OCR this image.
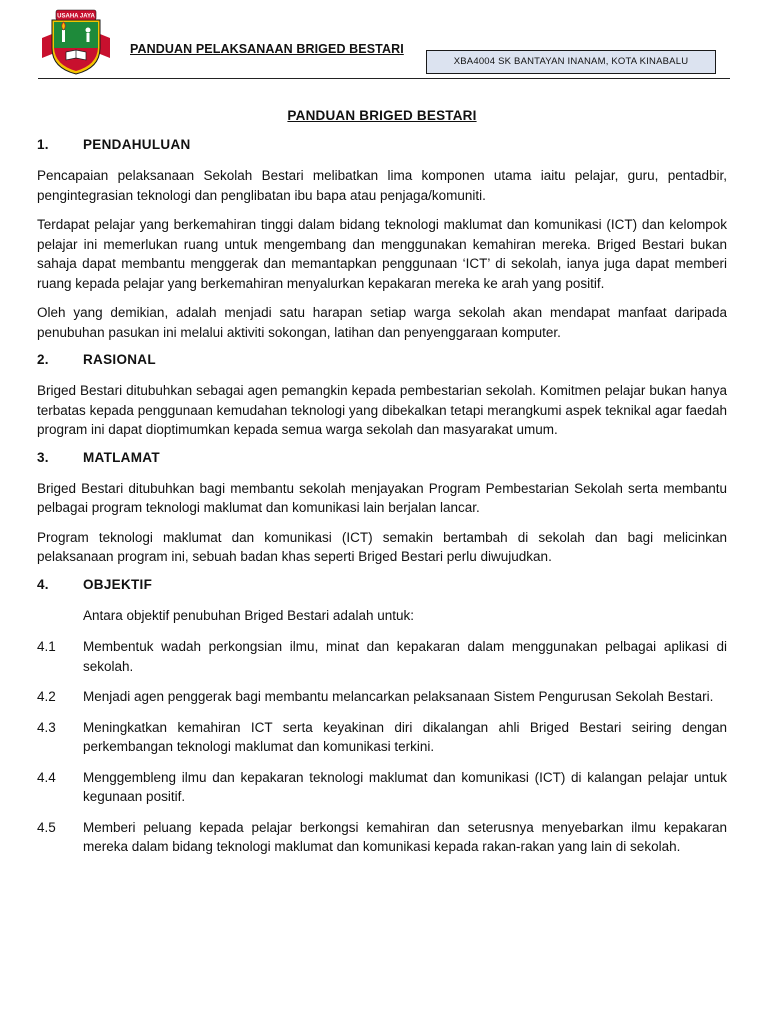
USAHA JAYA
PANDUAN PELAKSANAAN BRIGED BESTARI
XBA4004 SK BANTAYAN INANAM, KOTA KINABALU
PANDUAN BRIGED BESTARI
1.	PENDAHULUAN

Pencapaian pelaksanaan Sekolah Bestari melibatkan lima komponen utama iaitu pelajar, guru, pentadbir, pengintegrasian teknologi dan penglibatan ibu bapa atau penjaga/komuniti.

Terdapat pelajar yang berkemahiran tinggi dalam bidang teknologi maklumat dan komunikasi (ICT) dan kelompok pelajar ini memerlukan ruang untuk mengembang dan menggunakan kemahiran mereka. Briged Bestari bukan sahaja dapat membantu menggerak dan memantapkan penggunaan ‘ICT’ di sekolah, ianya juga dapat memberi ruang kepada pelajar yang berkemahiran menyalurkan kepakaran mereka ke arah yang positif.

Oleh yang demikian, adalah menjadi satu harapan setiap warga sekolah akan mendapat manfaat daripada penubuhan pasukan ini melalui aktiviti sokongan, latihan dan penyenggaraan komputer.

2.	RASIONAL

Briged Bestari ditubuhkan sebagai agen pemangkin kepada pembestarian sekolah. Komitmen pelajar bukan hanya terbatas kepada penggunaan kemudahan teknologi yang dibekalkan tetapi merangkumi aspek teknikal agar faedah program ini dapat dioptimumkan kepada semua warga sekolah dan masyarakat umum.

3.	MATLAMAT

Briged Bestari ditubuhkan bagi membantu sekolah menjayakan Program Pembestarian Sekolah serta membantu pelbagai program teknologi maklumat dan komunikasi lain berjalan lancar.

Program teknologi maklumat dan komunikasi (ICT) semakin bertambah di sekolah dan bagi melicinkan pelaksanaan program ini, sebuah badan khas seperti Briged Bestari perlu diwujudkan.

4.	OBJEKTIF
Antara objektif penubuhan Briged Bestari adalah untuk:
4.1	Membentuk wadah perkongsian ilmu, minat dan kepakaran dalam menggunakan pelbagai aplikasi di sekolah.
4.2	Menjadi agen penggerak bagi membantu melancarkan pelaksanaan Sistem Pengurusan Sekolah Bestari.
4.3	Meningkatkan kemahiran ICT serta keyakinan diri dikalangan ahli Briged Bestari seiring dengan perkembangan teknologi maklumat dan komunikasi terkini.
4.4	Menggembleng ilmu dan kepakaran teknologi maklumat dan komunikasi (ICT) di kalangan pelajar untuk kegunaan positif.
4.5	Memberi peluang kepada pelajar berkongsi kemahiran dan seterusnya menyebarkan ilmu kepakaran mereka dalam bidang teknologi maklumat dan komunikasi kepada rakan-rakan yang lain di sekolah.
